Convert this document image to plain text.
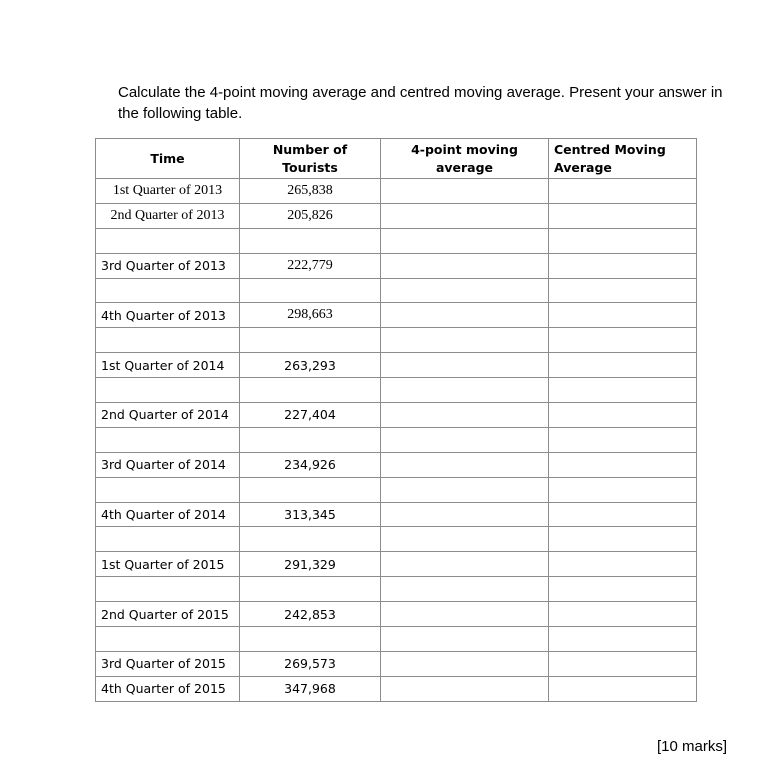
Calculate the 4-point moving average and centred moving average. Present your answer in the following table.

Time	Number of Tourists	4-point moving average	Centred Moving Average
1st Quarter of 2013	265,838		
2nd Quarter of 2013	205,826		

3rd Quarter of 2013	222,779		

4th Quarter of 2013	298,663		

1st Quarter of 2014	263,293		

2nd Quarter of 2014	227,404		

3rd Quarter of 2014	234,926		

4th Quarter of 2014	313,345		

1st Quarter of 2015	291,329		

2nd Quarter of 2015	242,853		

3rd Quarter of 2015	269,573		
4th Quarter of 2015	347,968		
[10 marks]
